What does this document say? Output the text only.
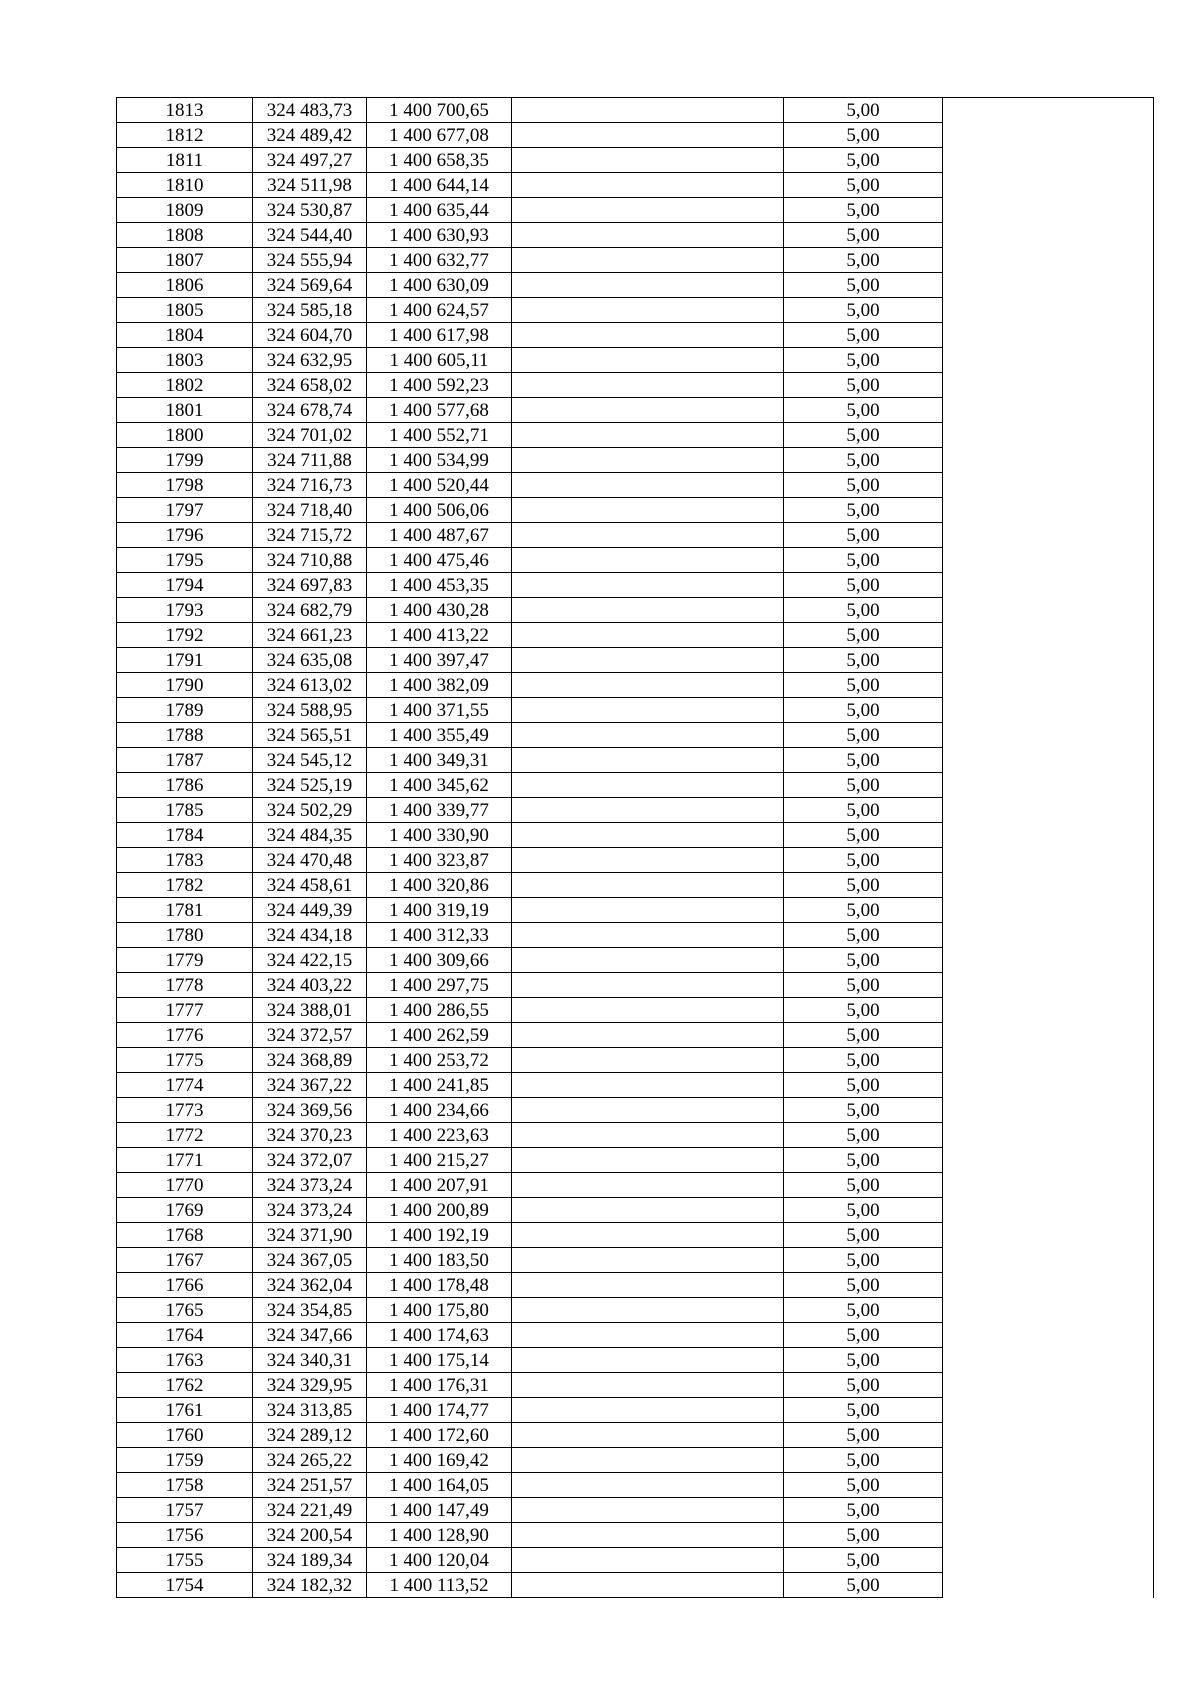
1813	324 483,73	1 400 700,65		5,00	
1812	324 489,42	1 400 677,08		5,00	
1811	324 497,27	1 400 658,35		5,00	
1810	324 511,98	1 400 644,14		5,00	
1809	324 530,87	1 400 635,44		5,00	
1808	324 544,40	1 400 630,93		5,00	
1807	324 555,94	1 400 632,77		5,00	
1806	324 569,64	1 400 630,09		5,00	
1805	324 585,18	1 400 624,57		5,00	
1804	324 604,70	1 400 617,98		5,00	
1803	324 632,95	1 400 605,11		5,00	
1802	324 658,02	1 400 592,23		5,00	
1801	324 678,74	1 400 577,68		5,00	
1800	324 701,02	1 400 552,71		5,00	
1799	324 711,88	1 400 534,99		5,00	
1798	324 716,73	1 400 520,44		5,00	
1797	324 718,40	1 400 506,06		5,00	
1796	324 715,72	1 400 487,67		5,00	
1795	324 710,88	1 400 475,46		5,00	
1794	324 697,83	1 400 453,35		5,00	
1793	324 682,79	1 400 430,28		5,00	
1792	324 661,23	1 400 413,22		5,00	
1791	324 635,08	1 400 397,47		5,00	
1790	324 613,02	1 400 382,09		5,00	
1789	324 588,95	1 400 371,55		5,00	
1788	324 565,51	1 400 355,49		5,00	
1787	324 545,12	1 400 349,31		5,00	
1786	324 525,19	1 400 345,62		5,00	
1785	324 502,29	1 400 339,77		5,00	
1784	324 484,35	1 400 330,90		5,00	
1783	324 470,48	1 400 323,87		5,00	
1782	324 458,61	1 400 320,86		5,00	
1781	324 449,39	1 400 319,19		5,00	
1780	324 434,18	1 400 312,33		5,00	
1779	324 422,15	1 400 309,66		5,00	
1778	324 403,22	1 400 297,75		5,00	
1777	324 388,01	1 400 286,55		5,00	
1776	324 372,57	1 400 262,59		5,00	
1775	324 368,89	1 400 253,72		5,00	
1774	324 367,22	1 400 241,85		5,00	
1773	324 369,56	1 400 234,66		5,00	
1772	324 370,23	1 400 223,63		5,00	
1771	324 372,07	1 400 215,27		5,00	
1770	324 373,24	1 400 207,91		5,00	
1769	324 373,24	1 400 200,89		5,00	
1768	324 371,90	1 400 192,19		5,00	
1767	324 367,05	1 400 183,50		5,00	
1766	324 362,04	1 400 178,48		5,00	
1765	324 354,85	1 400 175,80		5,00	
1764	324 347,66	1 400 174,63		5,00	
1763	324 340,31	1 400 175,14		5,00	
1762	324 329,95	1 400 176,31		5,00	
1761	324 313,85	1 400 174,77		5,00	
1760	324 289,12	1 400 172,60		5,00	
1759	324 265,22	1 400 169,42		5,00	
1758	324 251,57	1 400 164,05		5,00	
1757	324 221,49	1 400 147,49		5,00	
1756	324 200,54	1 400 128,90		5,00	
1755	324 189,34	1 400 120,04		5,00	
1754	324 182,32	1 400 113,52		5,00	
